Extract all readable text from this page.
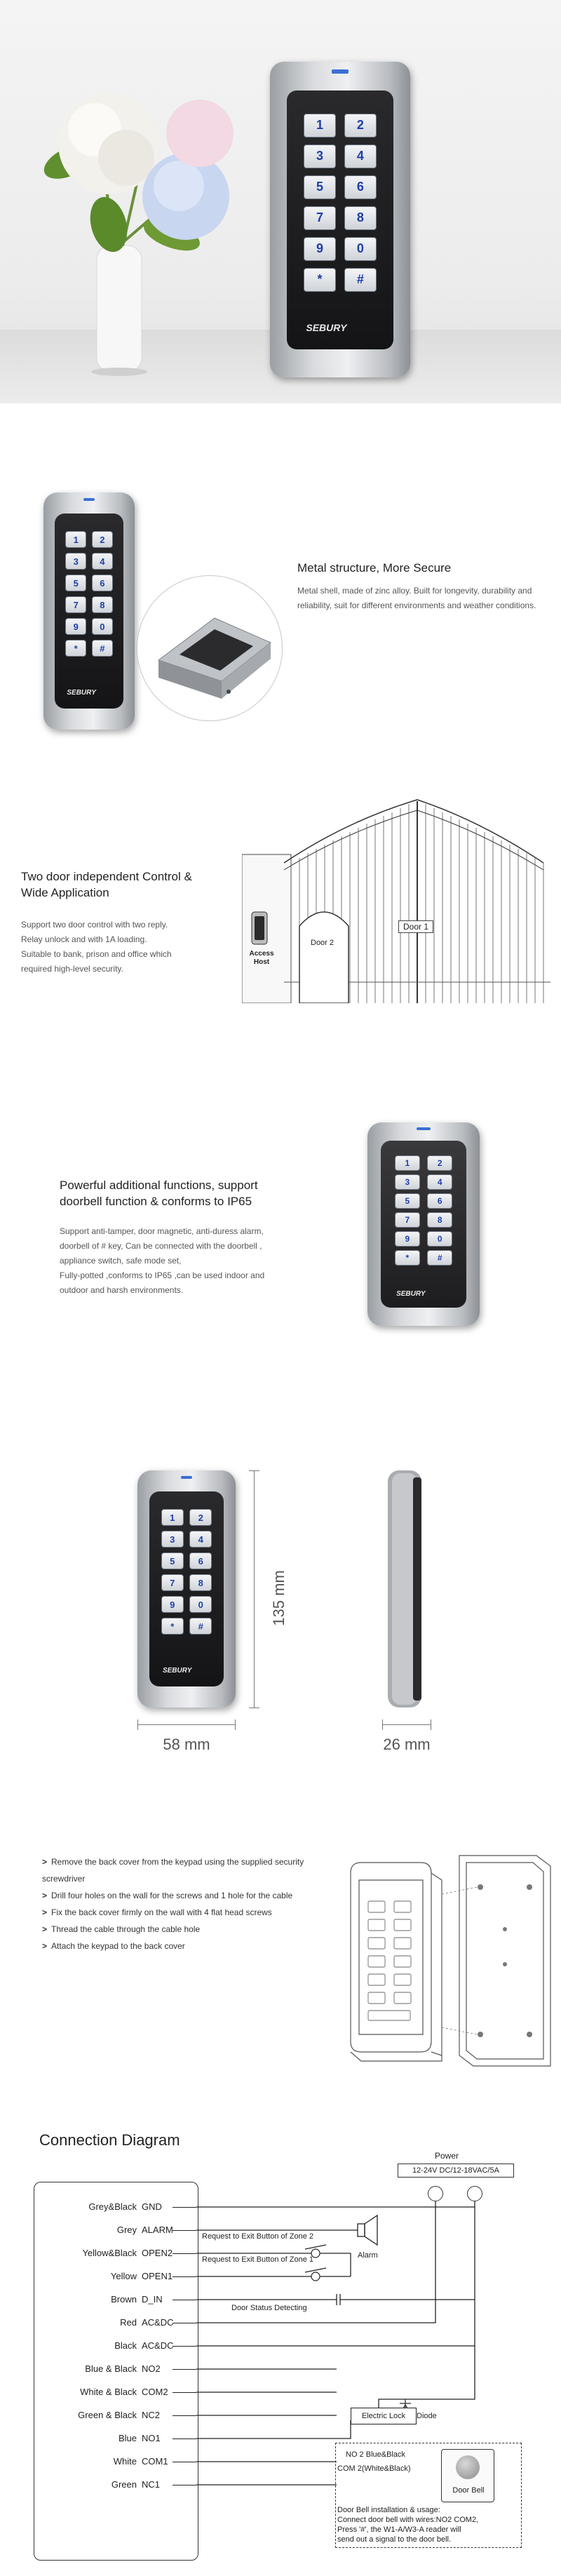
1	2
3	4
5	6
7	8
9	0
*	#
SEBURY
1	2
3	4
5	6
7	8
9	0
*	#
SEBURY
Metal structure, More Secure
Metal shell, made of zinc alloy. Built for longevity, durability and reliability, suit for different environments and weather conditions.
Two door independent Control &
Wide Application
Support two door control with two reply.
Relay unlock and with 1A loading.
Suitable to bank, prison and office which
required high-level security.
Door 1
Door 2
Access
Host
Powerful additional functions, support
doorbell function & conforms to IP65
Support anti-tamper, door magnetic, anti-duress alarm,
doorbell of # key, Can be connected with the doorbell ,
appliance switch, safe mode set,
Fully-potted ,conforms to IP65 ,can be used indoor and
outdoor and harsh environments.
1	2
3	4
5	6
7	8
9	0
*	#
SEBURY
1	2
3	4
5	6
7	8
9	0
*	#
SEBURY
135 mm
58 mm	26 mm
> Remove the back cover from the keypad using the supplied security screwdriver
> Drill four holes on the wall for the screws and 1 hole for the cable
> Fix the back cover firmly on the wall with 4 flat head screws
> Thread the cable through the cable hole
> Attach the keypad to the back cover
Connection Diagram
Power
12-24V DC/12-18VAC/5A
Grey&Black GND
Grey ALARM
Yellow&Black OPEN2
Yellow OPEN1
Brown D_IN
Red AC&DC
Black AC&DC
Blue & Black NO2
White & Black COM2
Green & Black NC2
Blue NO1
White COM1
Green NC1
Alarm
Request to Exit Button of Zone 2
Request to Exit Button of Zone 1
Door Status Detecting
Electric Lock	Diode
NO 2 Blue&Black
COM 2(White&Black)
Door Bell
Door Bell installation & usage:
Connect door bell with wires:NO2 COM2,
Press '#', the W1-A/W3-A reader will
send out a signal to the door bell.
